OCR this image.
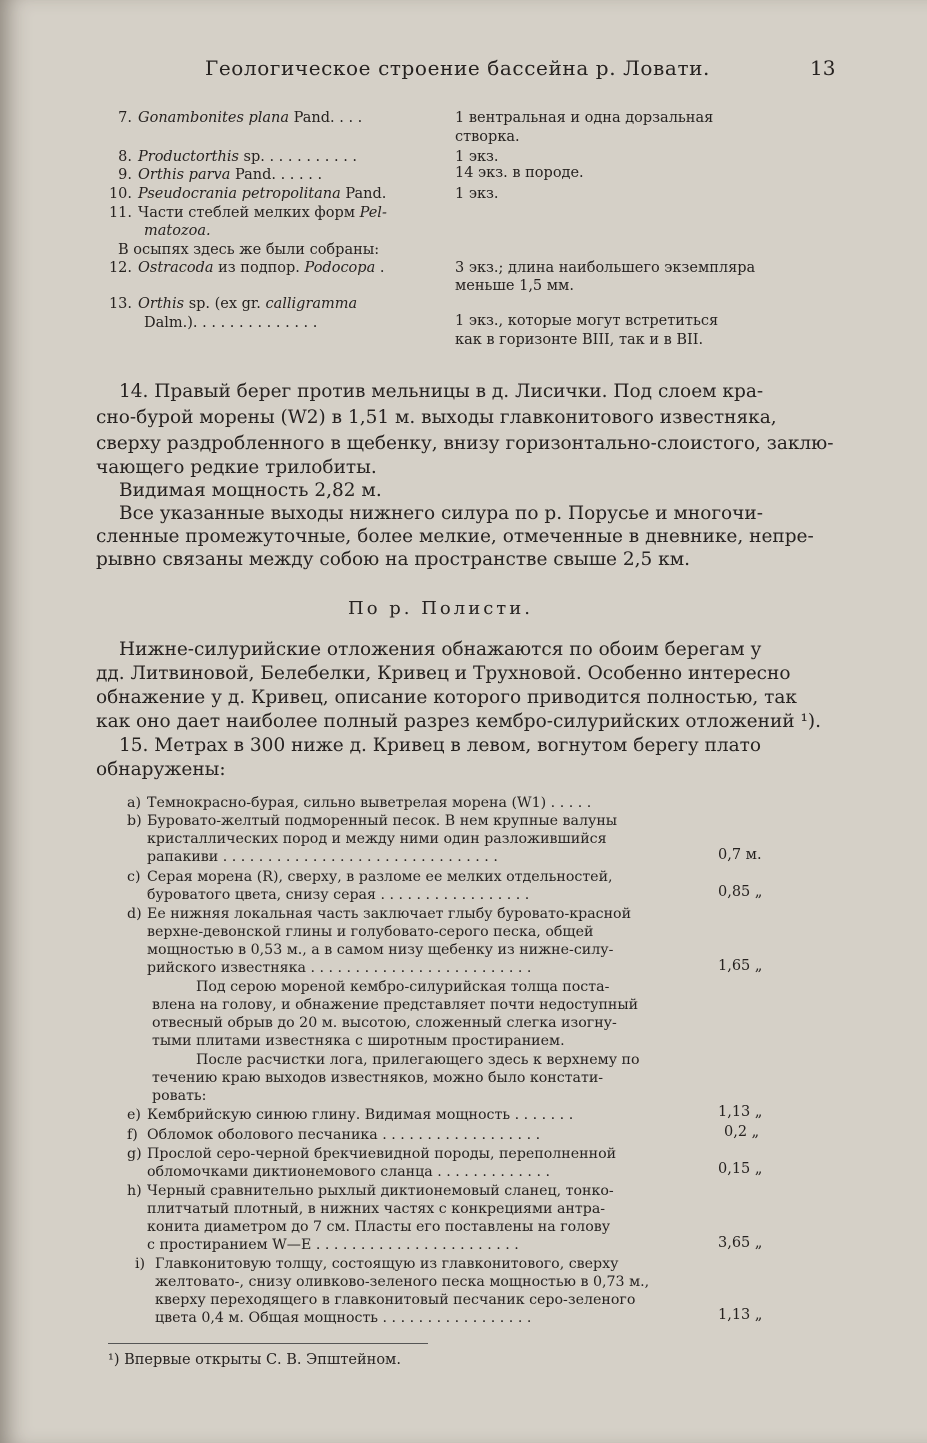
Геологическое строение бассейна р. Ловати.	13
7. Gonambonites plana Pand. . . .	1 вентральная и одна дорзальная
створка.
8. Productorthis sp. . . . . . . . . . .	1 экз.
9. Orthis parva Pand. . . . . .	14 экз. в породе.
10. Pseudocrania petropolitana Pand.	1 экз.
11. Части стеблей мелких форм Pel-
matozoa.
В осыпях здесь же были собраны:
12. Ostracoda из подпор. Podocopa .	3 экз.; длина наибольшего экземпляра
меньше 1,5 мм.
13. Orthis sp. (ex gr. calligramma
Dalm.). . . . . . . . . . . . . .	1 экз., которые могут встретиться
как в горизонте BIII, так и в BII.
14. Правый берег против мельницы в д. Лисички. Под слоем кра-
сно-бурой морены (W2) в 1,51 м. выходы главконитового известняка,
сверху раздробленного в щебенку, внизу горизонтально-слоистого, заклю-
чающего редкие трилобиты.
Видимая мощность 2,82 м.
Все указанные выходы нижнего силура по р. Порусье и многочи-
сленные промежуточные, более мелкие, отмеченные в дневнике, непре-
рывно связаны между собою на пространстве свыше 2,5 км.
По р. Полисти.
Нижне-силурийские отложения обнажаются по обоим берегам у
дд. Литвиновой, Белебелки, Кривец и Трухновой. Особенно интересно
обнажение у д. Кривец, описание которого приводится полностью, так
как оно дает наиболее полный разрез кембро-силурийских отложений ¹).
15. Метрах в 300 ниже д. Кривец в левом, вогнутом берегу плато
обнаружены:
a) Темнокрасно-бурая, сильно выветрелая морена (W1) . . . . .
b) Буровато-желтый подморенный песок. В нем крупные валуны
кристаллических пород и между ними один разложившийся
рапакиви . . . . . . . . . . . . . . . . . . . . . . . . . . . . . . .	0,7 м.
c) Серая морена (R), сверху, в разломе ее мелких отдельностей,
буроватого цвета, снизу серая . . . . . . . . . . . . . . . . .	0,85 „
d) Ее нижняя локальная часть заключает глыбу буровато-красной
верхне-девонской глины и голубовато-серого песка, общей
мощностью в 0,53 м., а в самом низу щебенку из нижне-силу-
рийского известняка . . . . . . . . . . . . . . . . . . . . . . . . .	1,65 „
Под серою мореной кембро-силурийская толща поста-
влена на голову, и обнажение представляет почти недоступный
отвесный обрыв до 20 м. высотою, сложенный слегка изогну-
тыми плитами известняка с широтным простиранием.
После расчистки лога, прилегающего здесь к верхнему по
течению краю выходов известняков, можно было констати-
ровать:
e) Кембрийскую синюю глину. Видимая мощность . . . . . . .	1,13 „
f) Обломок оболового песчаника . . . . . . . . . . . . . . . . . .	0,2 „
g) Прослой серо-черной брекчиевидной породы, переполненной
обломочками диктионемового сланца . . . . . . . . . . . . .	0,15 „
h) Черный сравнительно рыхлый диктионемовый сланец, тонко-
плитчатый плотный, в нижних частях с конкрециями антра-
конита диаметром до 7 см. Пласты его поставлены на голову
с простиранием W—E . . . . . . . . . . . . . . . . . . . . . . .	3,65 „
i) Главконитовую толщу, состоящую из главконитового, сверху
желтовато-, снизу оливково-зеленого песка мощностью в 0,73 м.,
кверху переходящего в главконитовый песчаник серо-зеленого
цвета 0,4 м. Общая мощность . . . . . . . . . . . . . . . . .	1,13 „
¹) Впервые открыты С. В. Эпштейном.
